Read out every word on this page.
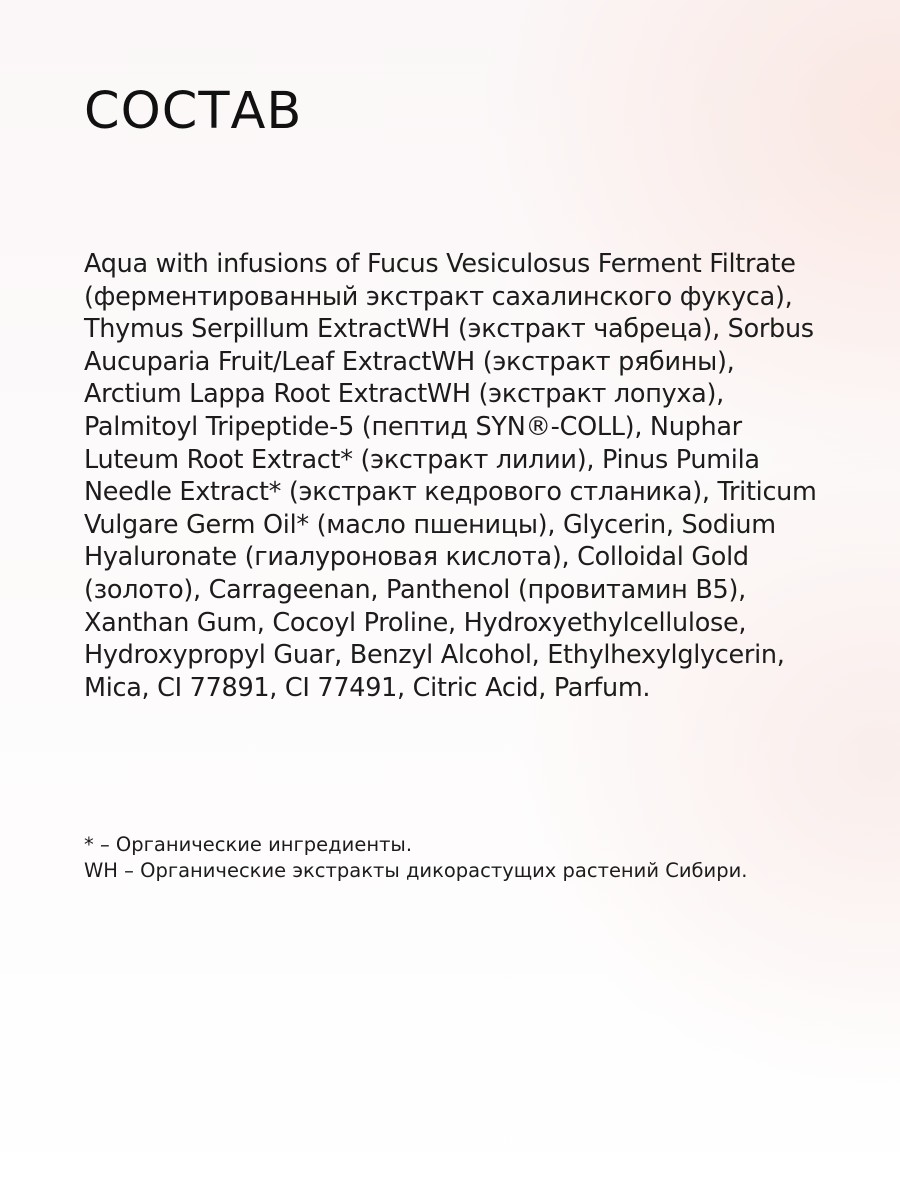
СОСТАВ

Aqua with infusions of Fucus Vesiculosus Ferment Filtrate (ферментированный экстракт сахалинского фукуса), Thymus Serpillum ExtractWH (экстракт чабреца), Sorbus Aucuparia Fruit/Leaf ExtractWH (экстракт рябины), Arctium Lappa Root ExtractWH (экстракт лопуха), Palmitoyl Tripeptide-5 (пептид SYN®-COLL), Nuphar Luteum Root Extract* (экстракт лилии), Pinus Pumila Needle Extract* (экстракт кедрового стланика), Triticum Vulgare Germ Oil* (масло пшеницы), Glycerin, Sodium Hyaluronate (гиалуроновая кислота), Colloidal Gold (золото), Carrageenan, Panthenol (провитамин B5), Xanthan Gum, Cocoyl Proline, Hydroxyethylcellulose, Hydroxypropyl Guar, Benzyl Alcohol, Ethylhexylglycerin, Mica, CI 77891, CI 77491, Citric Acid, Parfum.

* – Органические ингредиенты.

WH – Органические экстракты дикорастущих растений Сибири.
